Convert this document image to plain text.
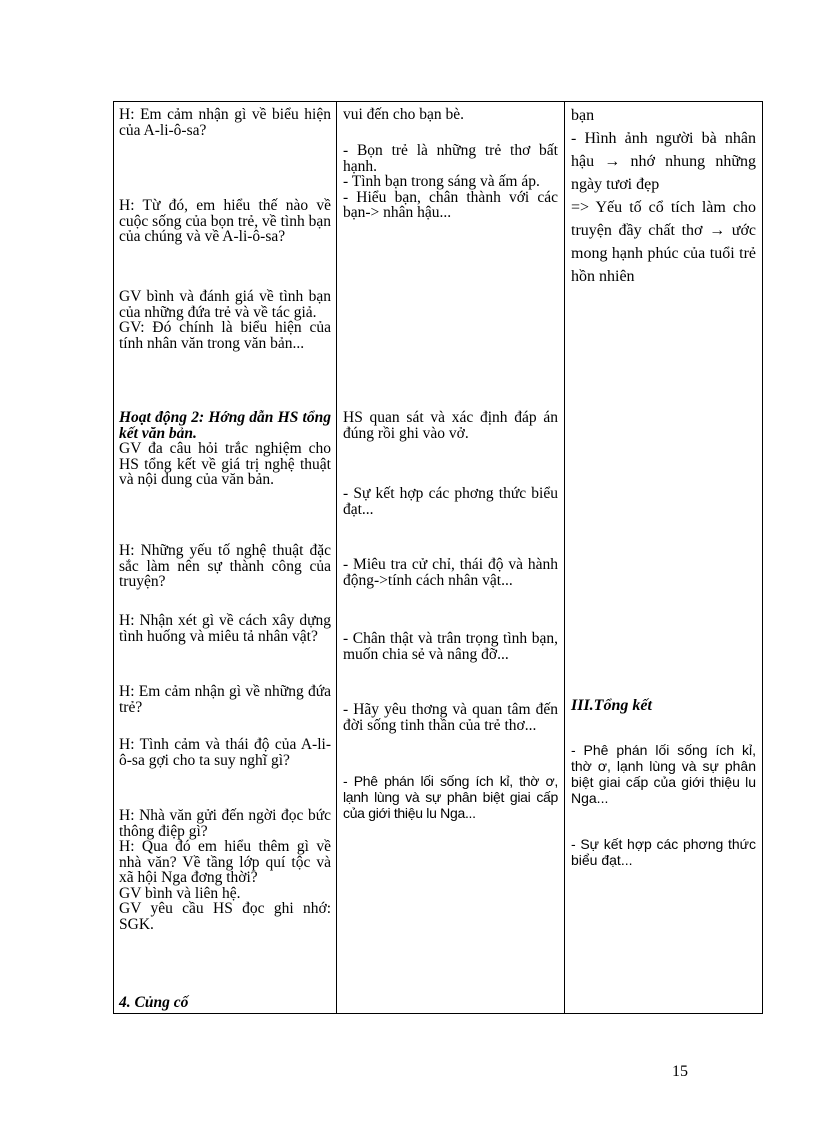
H: Em cảm nhận gì về biểu hiện của A-li-ô-sa?

H: Từ đó, em hiểu thế nào về cuộc sống của bọn trẻ, về tình bạn của chúng và về A-li-ô-sa?

GV bình và đánh giá về tình bạn của những đứa trẻ và về tác giả.
GV: Đó chính là biểu hiện của tính nhân văn trong văn bản...

Hoạt động 2: Hớng dẫn HS tổng kết văn bản.

GV đa câu hỏi trắc nghiệm cho HS tổng kết về giá trị nghệ thuật và nội dung của văn bản.

H: Những yếu tố nghệ thuật đặc sắc làm nên sự thành công của truyện?

H: Nhận xét gì về cách xây dựng tình huống và miêu tả nhân vật?

H: Em cảm nhận gì về những đứa trẻ?

H: Tình cảm và thái độ của A-li-ô-sa gợi cho ta suy nghĩ gì?

H: Nhà văn gửi đến ngời đọc bức thông điệp gì?
H: Qua đó em hiểu thêm gì về nhà văn? Về tầng lớp quí tộc và xã hội Nga đơng thời?
GV bình và liên hệ.
GV yêu cầu HS đọc ghi nhớ: SGK.

4. Củng cố

vui đến cho bạn bè.

- Bọn trẻ là những trẻ thơ bất hạnh.
- Tình bạn trong sáng và ấm áp.
- Hiểu bạn, chân thành với các bạn-> nhân hậu...

HS quan sát và xác định đáp án đúng rồi ghi vào vở.

- Sự kết hợp các phơng thức biểu đạt...

- Miêu tra cử chỉ, thái độ và hành động->tính cách nhân vật...

- Chân thật và trân trọng tình bạn, muốn chia sẻ và nâng đỡ...

- Hãy yêu thơng và quan tâm đến đời sống tinh thần của trẻ thơ...

- Phê phán lối sống ích kỉ, thờ ơ, lạnh lùng và sự phân biệt giai cấp của giới thiệu lu Nga...

bạn
- Hình ảnh người bà nhân hậu → nhớ nhung những ngày tươi đẹp
=> Yếu tố cổ tích làm cho truyện đầy chất thơ → ước mong hạnh phúc của tuổi trẻ hồn nhiên

III.Tổng kết

- Phê phán lối sống ích kỉ, thờ ơ, lạnh lùng và sự phân biệt giai cấp của giới thiệu lu Nga...

- Sự kết hợp các phơng thức biểu đạt...

15
